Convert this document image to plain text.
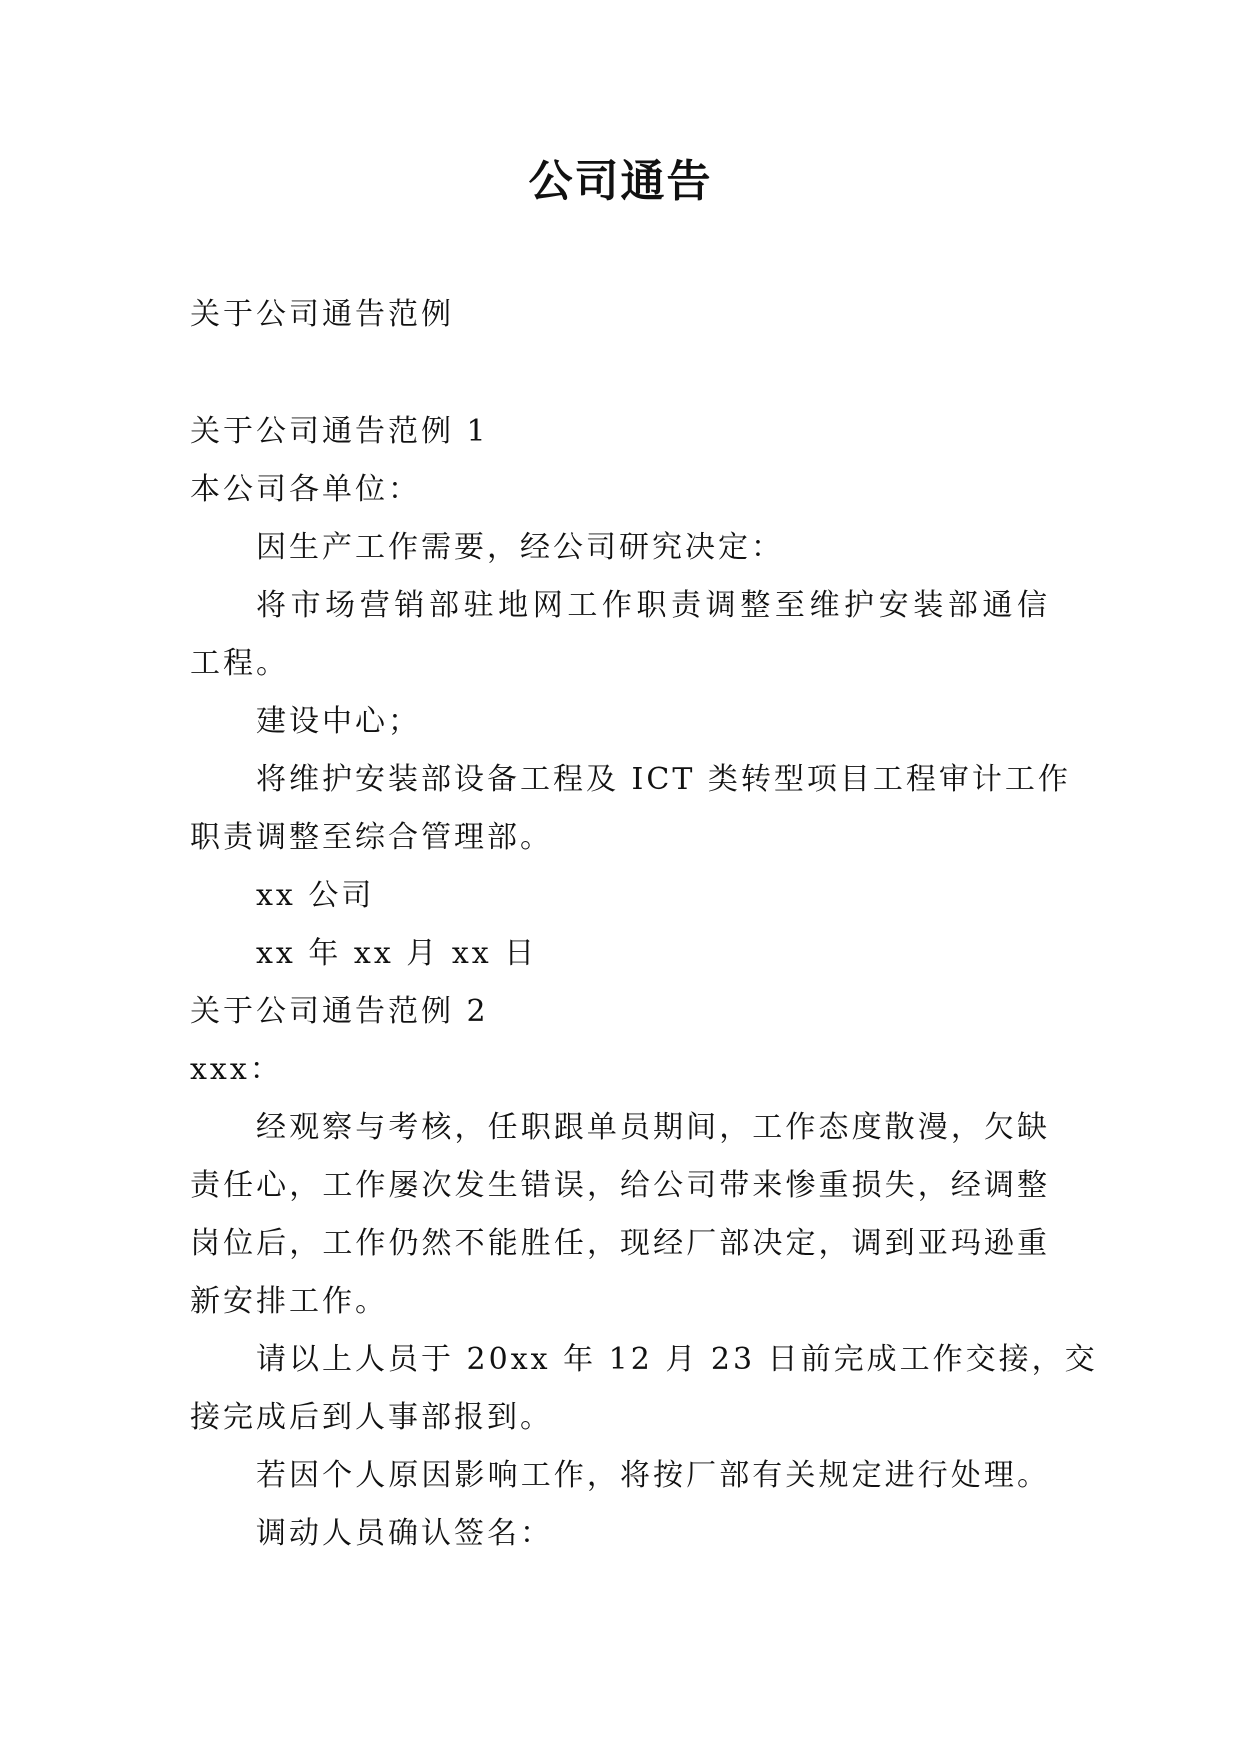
公司通告
关于公司通告范例
关于公司通告范例 1
本公司各单位：
因生产工作需要，经公司研究决定：
将市场营销部驻地网工作职责调整至维护安装部通信
工程。
建设中心；
将维护安装部设备工程及 ICT 类转型项目工程审计工作
职责调整至综合管理部。
xx 公司
xx 年 xx 月 xx 日
关于公司通告范例 2
xxx：
经观察与考核，任职跟单员期间，工作态度散漫，欠缺
责任心，工作屡次发生错误，给公司带来惨重损失，经调整
岗位后，工作仍然不能胜任，现经厂部决定，调到亚玛逊重
新安排工作。
请以上人员于 20xx 年 12 月 23 日前完成工作交接，交
接完成后到人事部报到。
若因个人原因影响工作，将按厂部有关规定进行处理。
调动人员确认签名：
